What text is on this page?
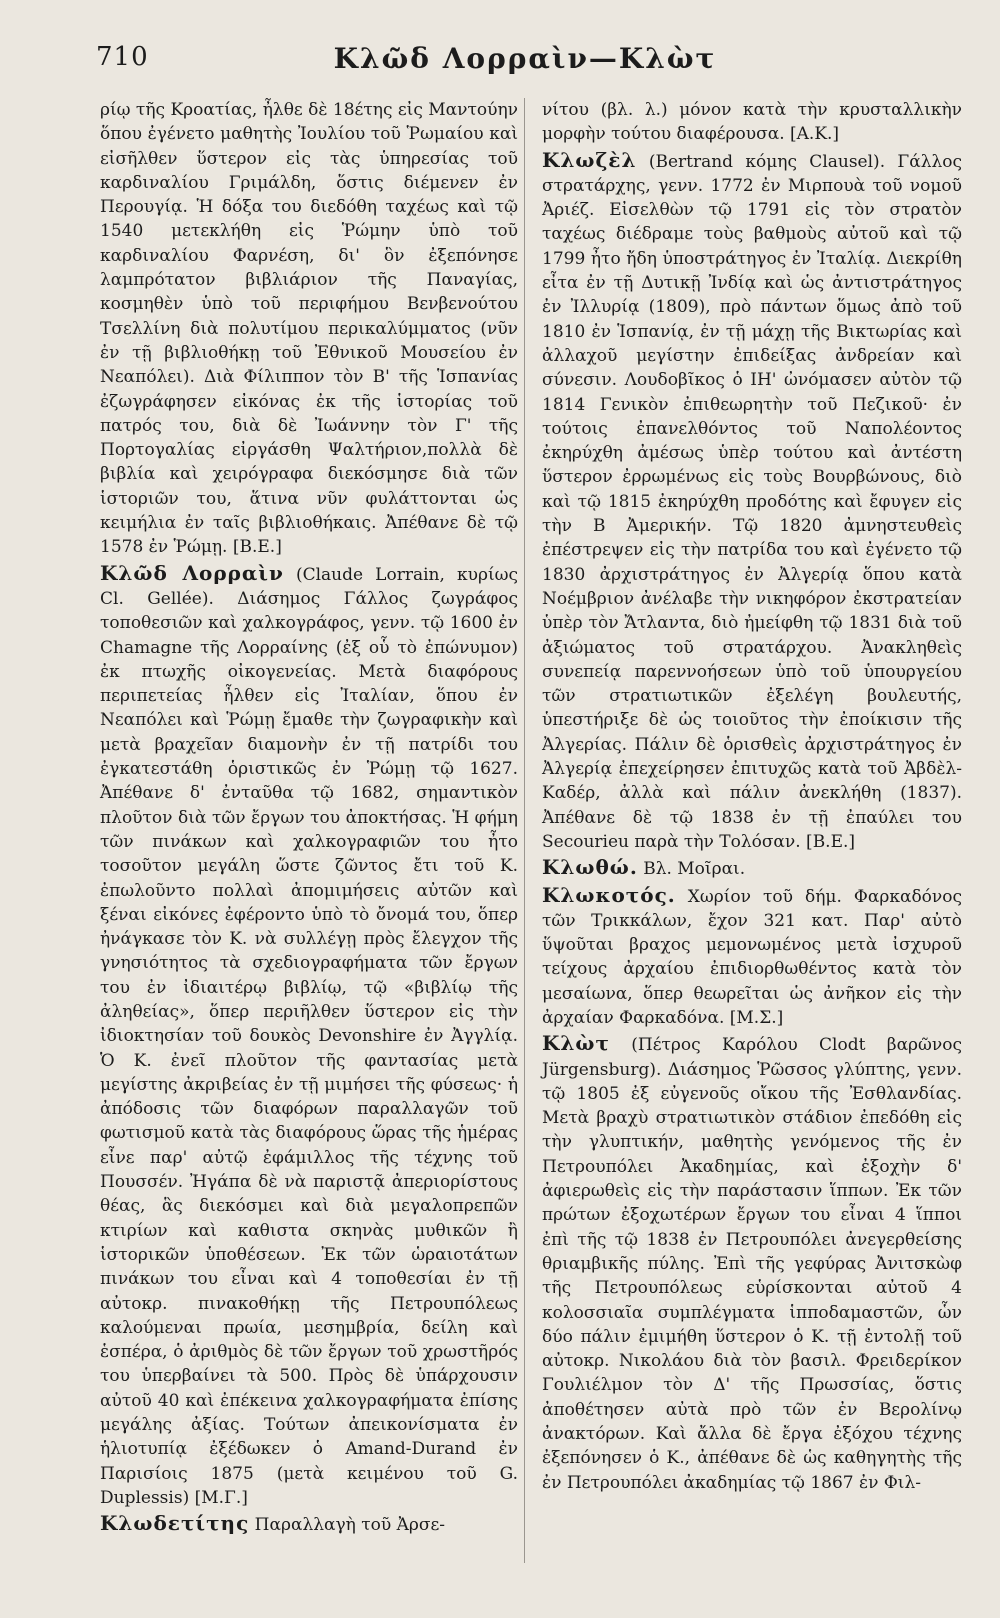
710	Κλῶδ Λορραὶν—Κλὼτ

ρίῳ τῆς Κροατίας, ἦλθε δὲ 18έτης εἰς Μαντούην ὅπου ἐγένετο μαθητὴς Ἰουλίου τοῦ Ῥωμαίου καὶ εἰσῆλθεν ὕστερον εἰς τὰς ὑπηρεσίας τοῦ καρδιναλίου Γριμάλδη, ὅστις διέμενεν ἐν Περουγίᾳ. Ἡ δόξα του διεδόθη ταχέως καὶ τῷ 1540 μετεκλήθη εἰς Ῥώμην ὑπὸ τοῦ καρδιναλίου Φαρνέση, δι' ὃν ἐξεπόνησε λαμπρότατον βιβλιάριον τῆς Παναγίας, κοσμηθὲν ὑπὸ τοῦ περιφήμου Βενβενούτου Τσελλίνη διὰ πολυτίμου περικαλύμματος (νῦν ἐν τῇ βιβλιοθήκῃ τοῦ Ἐθνικοῦ Μουσείου ἐν Νεαπόλει). Διὰ Φίλιππον τὸν Β' τῆς Ἱσπανίας ἐζωγράφησεν εἰκόνας ἐκ τῆς ἱστορίας τοῦ πατρός του, διὰ δὲ Ἰωάννην τὸν Γ' τῆς Πορτογαλίας εἰργάσθη Ψαλτήριον,πολλὰ δὲ βιβλία καὶ χειρόγραφα διεκόσμησε διὰ τῶν ἱστοριῶν του, ἅτινα νῦν φυλάττονται ὡς κειμήλια ἐν ταῖς βιβλιοθήκαις. Ἀπέθανε δὲ τῷ 1578 ἐν Ῥώμῃ. [Β.Ε.]

Κλῶδ Λορραὶν (Claude Lorrain, κυρίως Cl. Gellée). Διάσημος Γάλλος ζωγράφος τοποθεσιῶν καὶ χαλκογράφος, γενν. τῷ 1600 ἐν Chamagne τῆς Λορραίνης (ἐξ οὗ τὸ ἐπώνυμον) ἐκ πτωχῆς οἰκογενείας. Μετὰ διαφόρους περιπετείας ἦλθεν εἰς Ἰταλίαν, ὅπου ἐν Νεαπόλει καὶ Ῥώμῃ ἔμαθε τὴν ζωγραφικὴν καὶ μετὰ βραχεῖαν διαμονὴν ἐν τῇ πατρίδι του ἐγκατεστάθη ὁριστικῶς ἐν Ῥώμῃ τῷ 1627. Ἀπέθανε δ' ἐνταῦθα τῷ 1682, σημαντικὸν πλοῦτον διὰ τῶν ἔργων του ἀποκτήσας. Ἡ φήμη τῶν πινάκων καὶ χαλκογραφιῶν του ἦτο τοσοῦτον μεγάλη ὥστε ζῶντος ἔτι τοῦ Κ. ἐπωλοῦντο πολλαὶ ἀπομιμήσεις αὐτῶν καὶ ξέναι εἰκόνες ἐφέροντο ὑπὸ τὸ ὄνομά του, ὅπερ ἠνάγκασε τὸν Κ. νὰ συλλέγῃ πρὸς ἔλεγχον τῆς γνησιότητος τὰ σχεδιογραφήματα τῶν ἔργων του ἐν ἰδιαιτέρῳ βιβλίῳ, τῷ «βιβλίῳ τῆς ἀληθείας», ὅπερ περιῆλθεν ὕστερον εἰς τὴν ἰδιοκτησίαν τοῦ δουκὸς Devonshire ἐν Ἀγγλίᾳ. Ὁ Κ. ἐνεῖ πλοῦτον τῆς φαντασίας μετὰ μεγίστης ἀκριβείας ἐν τῇ μιμήσει τῆς φύσεως· ἡ ἀπόδοσις τῶν διαφόρων παραλλαγῶν τοῦ φωτισμοῦ κατὰ τὰς διαφόρους ὥρας τῆς ἡμέρας εἶνε παρ' αὐτῷ ἐφάμιλλος τῆς τέχνης τοῦ Πουσσέν. Ἠγάπα δὲ νὰ παριστᾷ ἀπεριορίστους θέας, ἃς διεκόσμει καὶ διὰ μεγαλοπρεπῶν κτιρίων καὶ καθιστα σκηνὰς μυθικῶν ἢ ἱστορικῶν ὑποθέσεων. Ἐκ τῶν ὡραιοτάτων πινάκων του εἶναι καὶ 4 τοποθεσίαι ἐν τῇ αὐτοκρ. πινακοθήκῃ τῆς Πετρουπόλεως καλούμεναι πρωία, μεσημβρία, δείλη καὶ ἑσπέρα, ὁ ἀριθμὸς δὲ τῶν ἔργων τοῦ χρωστῆρός του ὑπερβαίνει τὰ 500. Πρὸς δὲ ὑπάρχουσιν αὐτοῦ 40 καὶ ἐπέκεινα χαλκογραφήματα ἐπίσης μεγάλης ἀξίας. Τούτων ἀπεικονίσματα ἐν ἡλιοτυπίᾳ ἐξέδωκεν ὁ Amand-Durand ἐν Παρισίοις 1875 (μετὰ κειμένου τοῦ G. Duplessis) [Μ.Γ.]

Κλωδετίτης Παραλλαγὴ τοῦ Ἀρσε-

νίτου (βλ. λ.) μόνον κατὰ τὴν κρυσταλλικὴν μορφὴν τούτου διαφέρουσα. [Α.Κ.]

Κλωζὲλ (Bertrand κόμης Clausel). Γάλλος στρατάρχης, γενν. 1772 ἐν Μιρπουὰ τοῦ νομοῦ Ἀριέζ. Εἰσελθὼν τῷ 1791 εἰς τὸν στρατὸν ταχέως διέδραμε τοὺς βαθμοὺς αὐτοῦ καὶ τῷ 1799 ἦτο ἤδη ὑποστράτηγος ἐν Ἰταλίᾳ. Διεκρίθη εἶτα ἐν τῇ Δυτικῇ Ἰνδίᾳ καὶ ὡς ἀντιστράτηγος ἐν Ἰλλυρίᾳ (1809), πρὸ πάντων ὅμως ἀπὸ τοῦ 1810 ἐν Ἱσπανίᾳ, ἐν τῇ μάχῃ τῆς Βικτωρίας καὶ ἀλλαχοῦ μεγίστην ἐπιδείξας ἀνδρείαν καὶ σύνεσιν. Λουδοβῖκος ὁ ΙΗ' ὠνόμασεν αὐτὸν τῷ 1814 Γενικὸν ἐπιθεωρητὴν τοῦ Πεζικοῦ· ἐν τούτοις ἐπανελθόντος τοῦ Ναπολέοντος ἐκηρύχθη ἀμέσως ὑπὲρ τούτου καὶ ἀντέστη ὕστερον ἐρρωμένως εἰς τοὺς Βουρβώνους, διὸ καὶ τῷ 1815 ἐκηρύχθη προδότης καὶ ἔφυγεν εἰς τὴν Β Ἀμερικήν. Τῷ 1820 ἀμνηστευθεὶς ἐπέστρεψεν εἰς τὴν πατρίδα του καὶ ἐγένετο τῷ 1830 ἀρχιστράτηγος ἐν Ἀλγερίᾳ ὅπου κατὰ Νοέμβριον ἀνέλαβε τὴν νικηφόρον ἐκστρατείαν ὑπὲρ τὸν Ἄτλαντα, διὸ ἠμείφθη τῷ 1831 διὰ τοῦ ἀξιώματος τοῦ στρατάρχου. Ἀνακληθεὶς συνεπείᾳ παρεννοήσεων ὑπὸ τοῦ ὑπουργείου τῶν στρατιωτικῶν ἐξελέγη βουλευτής, ὑπεστήριξε δὲ ὡς τοιοῦτος τὴν ἐποίκισιν τῆς Ἀλγερίας. Πάλιν δὲ ὁρισθεὶς ἀρχιστράτηγος ἐν Ἀλγερίᾳ ἐπεχείρησεν ἐπιτυχῶς κατὰ τοῦ Ἀβδὲλ-Καδέρ, ἀλλὰ καὶ πάλιν ἀνεκλήθη (1837). Ἀπέθανε δὲ τῷ 1838 ἐν τῇ ἐπαύλει του Secourieu παρὰ τὴν Τολόσαν. [Β.Ε.]

Κλωθώ. Βλ. Μοῖραι.

Κλωκοτός. Χωρίον τοῦ δήμ. Φαρκαδόνος τῶν Τρικκάλων, ἔχον 321 κατ. Παρ' αὐτὸ ὕψοῦται βραχος μεμονωμένος μετὰ ἰσχυροῦ τείχους ἀρχαίου ἐπιδιορθωθέντος κατὰ τὸν μεσαίωνα, ὅπερ θεωρεῖται ὡς ἀνῆκον εἰς τὴν ἀρχαίαν Φαρκαδόνα. [Μ.Σ.]

Κλὼτ (Πέτρος Καρόλου Clodt βαρῶνος Jürgensburg). Διάσημος Ῥῶσσος γλύπτης, γενν. τῷ 1805 ἐξ εὐγενοῦς οἴκου τῆς Ἐσθλανδίας. Μετὰ βραχὺ στρατιωτικὸν στάδιον ἐπεδόθη εἰς τὴν γλυπτικήν, μαθητὴς γενόμενος τῆς ἐν Πετρουπόλει Ἀκαδημίας, καὶ ἐξοχὴν δ' ἀφιερωθεὶς εἰς τὴν παράστασιν ἵππων. Ἐκ τῶν πρώτων ἐξοχωτέρων ἔργων του εἶναι 4 ἵπποι ἐπὶ τῆς τῷ 1838 ἐν Πετρουπόλει ἀνεγερθείσης θριαμβικῆς πύλης. Ἐπὶ τῆς γεφύρας Ἀνιτσκὼφ τῆς Πετρουπόλεως εὑρίσκονται αὐτοῦ 4 κολοσσιαῖα συμπλέγματα ἱπποδαμαστῶν, ὧν δύο πάλιν ἐμιμήθη ὕστερον ὁ Κ. τῇ ἐντολῇ τοῦ αὐτοκρ. Νικολάου διὰ τὸν βασιλ. Φρειδερίκον Γουλιέλμον τὸν Δ' τῆς Πρωσσίας, ὅστις ἀποθέτησεν αὐτὰ πρὸ τῶν ἐν Βερολίνῳ ἀνακτόρων. Καὶ ἄλλα δὲ ἔργα ἐξόχου τέχνης ἐξεπόνησεν ὁ Κ., ἀπέθανε δὲ ὡς καθηγητὴς τῆς ἐν Πετρουπόλει ἀκαδημίας τῷ 1867 ἐν Φιλ-
